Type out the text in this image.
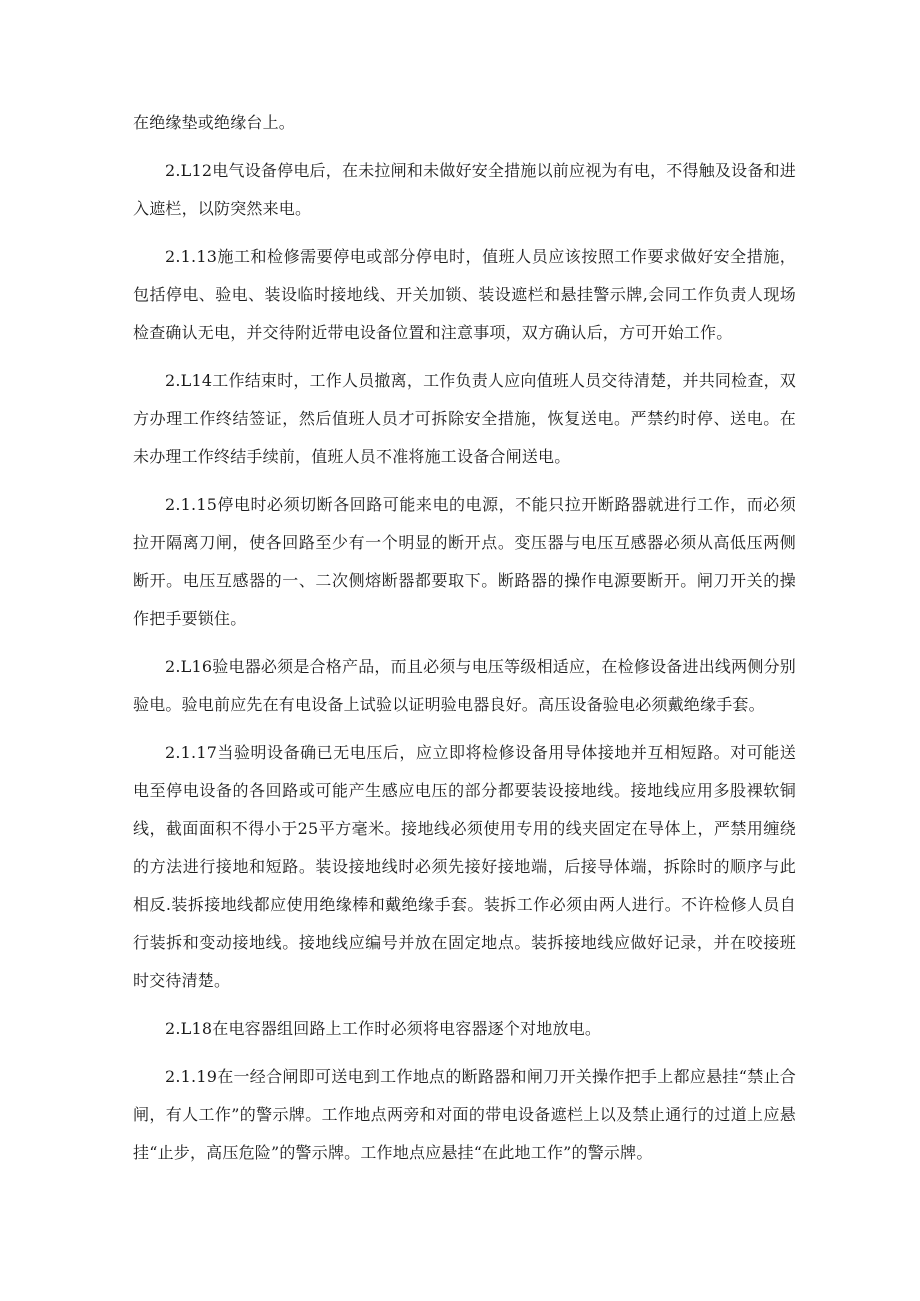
在绝缘垫或绝缘台上。

2.L12电气设备停电后，在未拉闸和未做好安全措施以前应视为有电，不得触及设备和进入遮栏，以防突然来电。

2.1.13施工和检修需要停电或部分停电时，值班人员应该按照工作要求做好安全措施，包括停电、验电、装设临时接地线、开关加锁、装设遮栏和悬挂警示牌,会同工作负责人现场检查确认无电，并交待附近带电设备位置和注意事项，双方确认后，方可开始工作。

2.L14工作结束时，工作人员撤离，工作负责人应向值班人员交待清楚，并共同检查，双方办理工作终结签证，然后值班人员才可拆除安全措施，恢复送电。严禁约时停、送电。在未办理工作终结手续前，值班人员不准将施工设备合闸送电。

2.1.15停电时必须切断各回路可能来电的电源，不能只拉开断路器就进行工作，而必须拉开隔离刀闸，使各回路至少有一个明显的断开点。变压器与电压互感器必须从高低压两侧断开。电压互感器的一、二次侧熔断器都要取下。断路器的操作电源要断开。闸刀开关的操作把手要锁住。

2.L16验电器必须是合格产品，而且必须与电压等级相适应，在检修设备进出线两侧分别验电。验电前应先在有电设备上试验以证明验电器良好。高压设备验电必须戴绝缘手套。

2.1.17当验明设备确已无电压后，应立即将检修设备用导体接地并互相短路。对可能送电至停电设备的各回路或可能产生感应电压的部分都要装设接地线。接地线应用多股裸软铜线，截面面积不得小于25平方毫米。接地线必须使用专用的线夹固定在导体上，严禁用缠绕的方法进行接地和短路。装设接地线时必须先接好接地端，后接导体端，拆除时的顺序与此相反.装拆接地线都应使用绝缘棒和戴绝缘手套。装拆工作必须由两人进行。不许检修人员自行装拆和变动接地线。接地线应编号并放在固定地点。装拆接地线应做好记录，并在咬接班时交待清楚。

2.L18在电容器组回路上工作时必须将电容器逐个对地放电。

2.1.19在一经合闸即可送电到工作地点的断路器和闸刀开关操作把手上都应悬挂“禁止合闸，有人工作”的警示牌。工作地点两旁和对面的带电设备遮栏上以及禁止通行的过道上应悬挂“止步，高压危险”的警示牌。工作地点应悬挂“在此地工作”的警示牌。
